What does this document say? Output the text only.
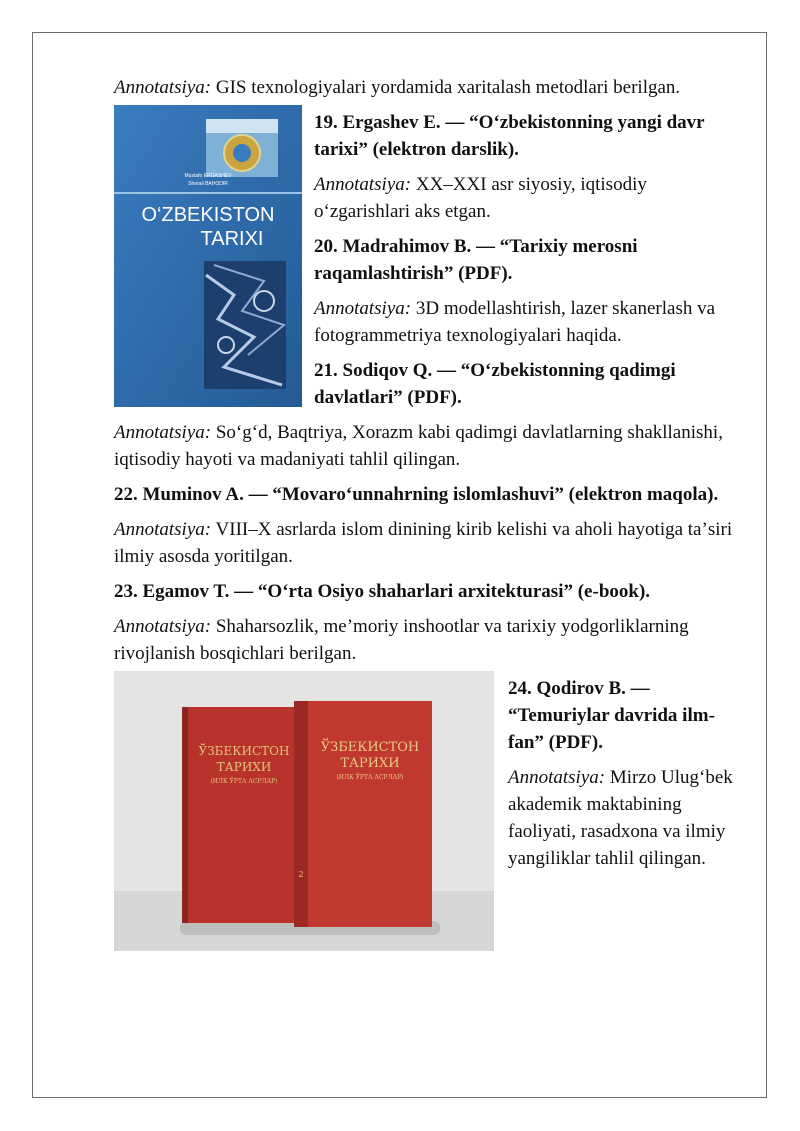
Annotatsiya: GIS texnologiyalari yordamida xaritalash metodlari berilgan.

Mustafo ERGASHEV
Sherali BAHODIR
O‘ZBEKISTON
TARIXI

19. Ergashev E. — “Oʻzbekistonning yangi davr tarixi” (elektron darslik).

Annotatsiya: XX–XXI asr siyosiy, iqtisodiy oʻzgarishlari aks etgan.

20. Madrahimov B. — “Tarixiy merosni raqamlashtirish” (PDF).

Annotatsiya: 3D modellashtirish, lazer skanerlash va fotogrammetriya texnologiyalari haqida.

21. Sodiqov Q. — “Oʻzbekistonning qadimgi davlatlari” (PDF).

Annotatsiya: Soʻgʻd, Baqtriya, Xorazm kabi qadimgi davlatlarning shakllanishi, iqtisodiy hayoti va madaniyati tahlil qilingan.

22. Muminov A. — “Movaroʻunnahrning islomlashuvi” (elektron maqola).

Annotatsiya: VIII–X asrlarda islom dinining kirib kelishi va aholi hayotiga taʼsiri ilmiy asosda yoritilgan.

23. Egamov T. — “Oʻrta Osiyo shaharlari arxitekturasi” (e-book).

Annotatsiya: Shaharsozlik, meʼmoriy inshootlar va tarixiy yodgorliklarning rivojlanish bosqichlari berilgan.

ЎЗБЕКИСТОН
ТАРИХИ
(ИЛК ЎРТА АСРЛАР)
2
ЎЗБЕКИСТОН
ТАРИХИ
(ИЛК ЎРТА АСРЛАР)

24. Qodirov B. — “Temuriylar davrida ilm-fan” (PDF).

Annotatsiya: Mirzo Ulugʻbek akademik maktabining faoliyati, rasadxona va ilmiy yangiliklar tahlil qilingan.
